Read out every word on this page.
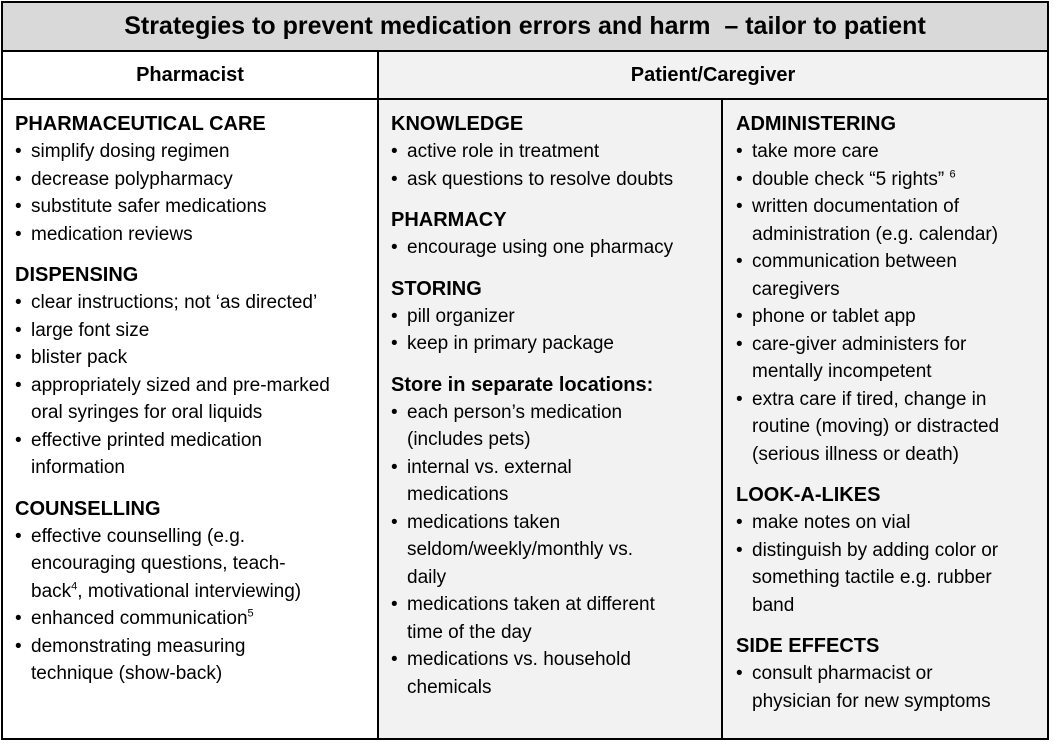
Strategies to prevent medication errors and harm  – tailor to patient
Pharmacist	Patient/Caregiver
PHARMACEUTICAL CARE
• simplify dosing regimen
• decrease polypharmacy
• substitute safer medications
• medication reviews
DISPENSING
• clear instructions; not ‘as directed’
• large font size
• blister pack
• appropriately sized and pre-marked
oral syringes for oral liquids
• effective printed medication
information
COUNSELLING
• effective counselling (e.g.
encouraging questions, teach-
back$^4$, motivational interviewing)
• enhanced communication$^5$
• demonstrating measuring
technique (show-back)
KNOWLEDGE
• active role in treatment
• ask questions to resolve doubts
PHARMACY
• encourage using one pharmacy
STORING
• pill organizer
• keep in primary package
Store in separate locations:
• each person’s medication
(includes pets)
• internal vs. external
medications
• medications taken
seldom/weekly/monthly vs.
daily
• medications taken at different
time of the day
• medications vs. household
chemicals
ADMINISTERING
• take more care
• double check “5 rights” $^6$
• written documentation of
administration (e.g. calendar)
• communication between
caregivers
• phone or tablet app
• care-giver administers for
mentally incompetent
• extra care if tired, change in
routine (moving) or distracted
(serious illness or death)
LOOK-A-LIKES
• make notes on vial
• distinguish by adding color or
something tactile e.g. rubber
band
SIDE EFFECTS
• consult pharmacist or
physician for new symptoms
